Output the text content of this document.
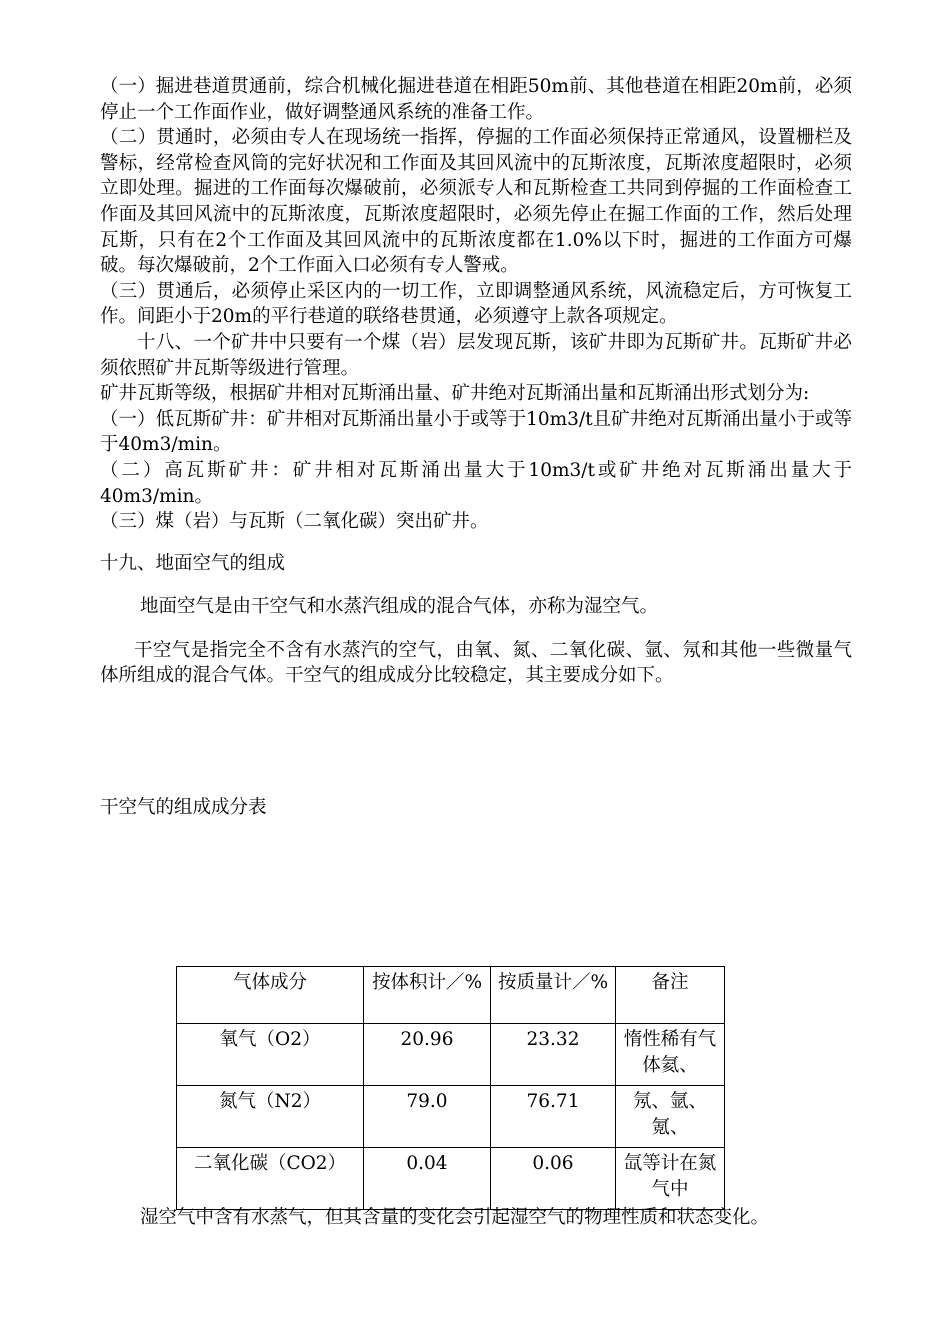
（一）掘进巷道贯通前，综合机械化掘进巷道在相距50m前、其他巷道在相距20m前，必须停止一个工作面作业，做好调整通风系统的准备工作。

（二）贯通时，必须由专人在现场统一指挥，停掘的工作面必须保持正常通风，设置栅栏及警标，经常检查风筒的完好状况和工作面及其回风流中的瓦斯浓度，瓦斯浓度超限时，必须立即处理。掘进的工作面每次爆破前，必须派专人和瓦斯检查工共同到停掘的工作面检查工作面及其回风流中的瓦斯浓度，瓦斯浓度超限时，必须先停止在掘工作面的工作，然后处理瓦斯，只有在2个工作面及其回风流中的瓦斯浓度都在1.0%以下时，掘进的工作面方可爆破。每次爆破前，2个工作面入口必须有专人警戒。

（三）贯通后，必须停止采区内的一切工作，立即调整通风系统，风流稳定后，方可恢复工作。间距小于20m的平行巷道的联络巷贯通，必须遵守上款各项规定。

十八、一个矿井中只要有一个煤（岩）层发现瓦斯，该矿井即为瓦斯矿井。瓦斯矿井必须依照矿井瓦斯等级进行管理。

矿井瓦斯等级，根据矿井相对瓦斯涌出量、矿井绝对瓦斯涌出量和瓦斯涌出形式划分为:

（一）低瓦斯矿井：矿井相对瓦斯涌出量小于或等于10m3/t且矿井绝对瓦斯涌出量小于或等于40m3/min。

（二）高瓦斯矿井：矿井相对瓦斯涌出量大于10m3/t或矿井绝对瓦斯涌出量大于40m3/min。

（三）煤（岩）与瓦斯（二氧化碳）突出矿井。

十九、地面空气的组成

地面空气是由干空气和水蒸汽组成的混合气体，亦称为湿空气。

干空气是指完全不含有水蒸汽的空气，由氧、氮、二氧化碳、氩、氖和其他一些微量气体所组成的混合气体。干空气的组成成分比较稳定，其主要成分如下。

干空气的组成成分表

气体成分	按体积计／%	按质量计／%	备注
氧气（O2）	20.96	23.32	惰性稀有气体氦、
氮气（N2）	79.0	76.71	氖、氩、氪、
二氧化碳（CO2）	0.04	0.06	氙等计在氮气中

湿空气中含有水蒸气，但其含量的变化会引起湿空气的物理性质和状态变化。
